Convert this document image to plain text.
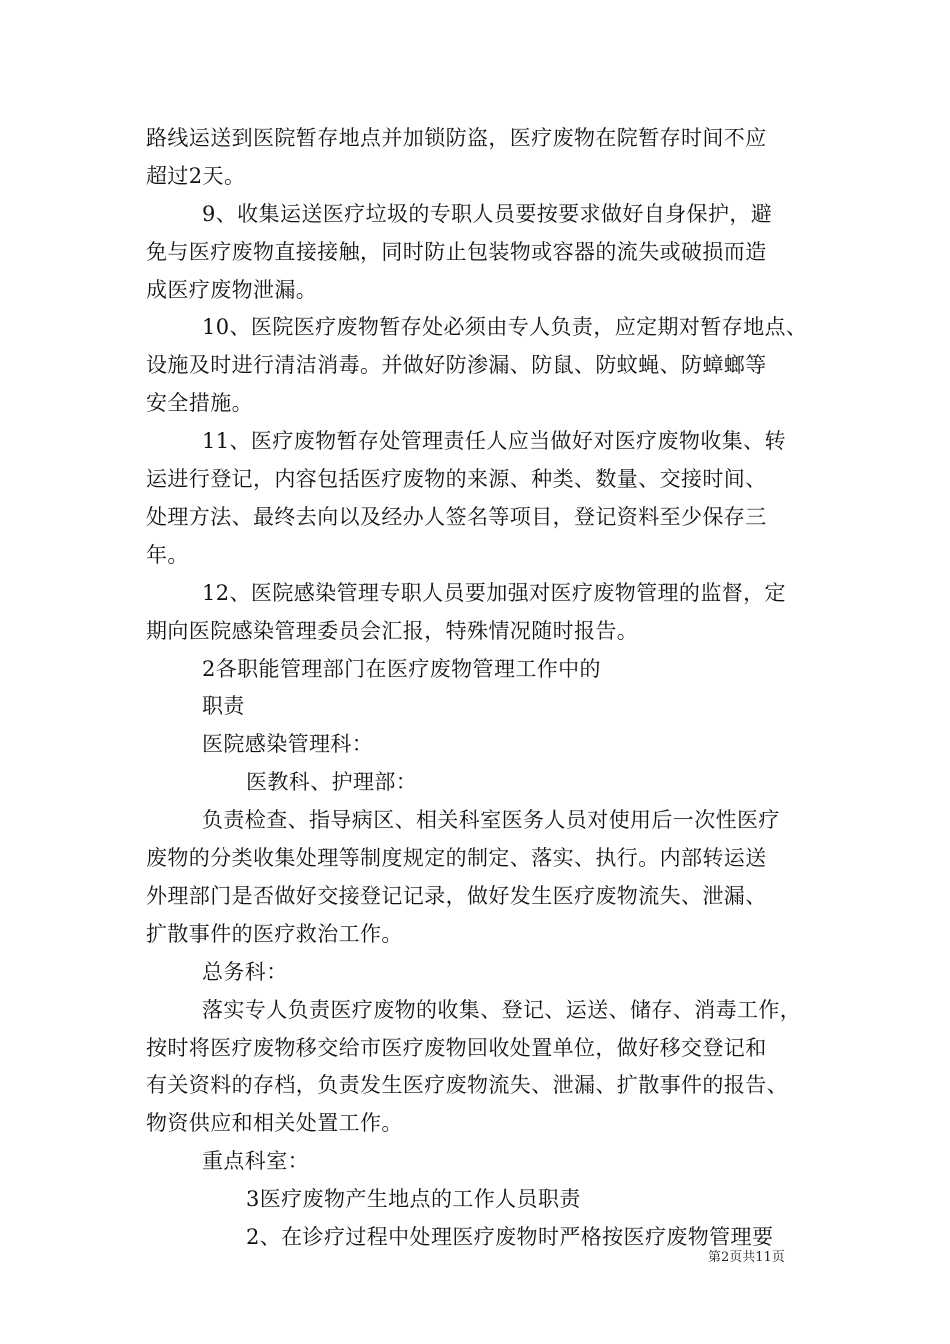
路线运送到医院暂存地点并加锁防盗，医疗废物在院暂存时间不应
超过2天。
9、收集运送医疗垃圾的专职人员要按要求做好自身保护，避
免与医疗废物直接接触，同时防止包装物或容器的流失或破损而造
成医疗废物泄漏。
10、医院医疗废物暂存处必须由专人负责，应定期对暂存地点、
设施及时进行清洁消毒。并做好防渗漏、防鼠、防蚊蝇、防蟑螂等
安全措施。
11、医疗废物暂存处管理责任人应当做好对医疗废物收集、转
运进行登记，内容包括医疗废物的来源、种类、数量、交接时间、
处理方法、最终去向以及经办人签名等项目，登记资料至少保存三
年。
12、医院感染管理专职人员要加强对医疗废物管理的监督，定
期向医院感染管理委员会汇报，特殊情况随时报告。
2各职能管理部门在医疗废物管理工作中的
职责
医院感染管理科：
医教科、护理部：
负责检查、指导病区、相关科室医务人员对使用后一次性医疗
废物的分类收集处理等制度规定的制定、落实、执行。内部转运送
外理部门是否做好交接登记记录，做好发生医疗废物流失、泄漏、
扩散事件的医疗救治工作。
总务科：
落实专人负责医疗废物的收集、登记、运送、储存、消毒工作，
按时将医疗废物移交给市医疗废物回收处置单位，做好移交登记和
有关资料的存档，负责发生医疗废物流失、泄漏、扩散事件的报告、
物资供应和相关处置工作。
重点科室：
3医疗废物产生地点的工作人员职责
2、在诊疗过程中处理医疗废物时严格按医疗废物管理要
第2页共11页
